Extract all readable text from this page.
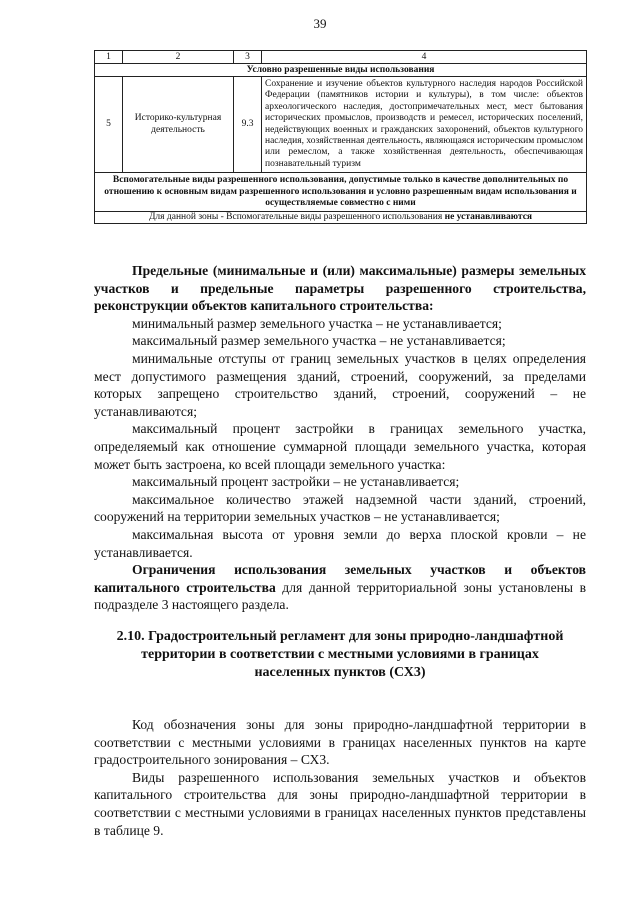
39
1	2	3	4
Условно разрешенные виды использования			
5	Историко-культурная деятельность	9.3	Сохранение и изучение объектов культурного наследия народов Российской Федерации (памятников истории и культуры), в том числе: объектов археологического наследия, достопримечательных мест, мест бытования исторических промыслов, производств и ремесел, исторических поселений, недействующих военных и гражданских захоронений, объектов культурного наследия, хозяйственная деятельность, являющаяся историческим промыслом или ремеслом, а также хозяйственная деятельность, обеспечивающая познавательный туризм
Вспомогательные виды разрешенного использования, допустимые только в качестве дополнительных по отношению к основным видам разрешенного использования и условно разрешенным видам использования и осуществляемые совместно с ними			
Для данной зоны - Вспомогательные виды разрешенного использования не устанавливаются			
Предельные (минимальные и (или) максимальные) размеры земельных участков и предельные параметры разрешенного строительства, реконструкции объектов капитального строительства:
минимальный размер земельного участка – не устанавливается;
максимальный размер земельного участка – не устанавливается;
минимальные отступы от границ земельных участков в целях определения мест допустимого размещения зданий, строений, сооружений, за пределами которых запрещено строительство зданий, строений, сооружений – не устанавливаются;
максимальный процент застройки в границах земельного участка, определяемый как отношение суммарной площади земельного участка, которая может быть застроена, ко всей площади земельного участка:
максимальный процент застройки – не устанавливается;
максимальное количество этажей надземной части зданий, строений, сооружений на территории земельных участков – не устанавливается;
максимальная высота от уровня земли до верха плоской кровли – не устанавливается.
Ограничения использования земельных участков и объектов капитального строительства для данной территориальной зоны установлены в подразделе 3 настоящего раздела.
2.10. Градостроительный регламент для зоны природно-ландшафтной
территории в соответствии с местными условиями в границах
населенных пунктов (СХ3)
Код обозначения зоны для зоны природно-ландшафтной территории в соответствии с местными условиями в границах населенных пунктов на карте градостроительного зонирования – СХ3.
Виды разрешенного использования земельных участков и объектов капитального строительства для зоны природно-ландшафтной территории в соответствии с местными условиями в границах населенных пунктов представлены в таблице 9.
